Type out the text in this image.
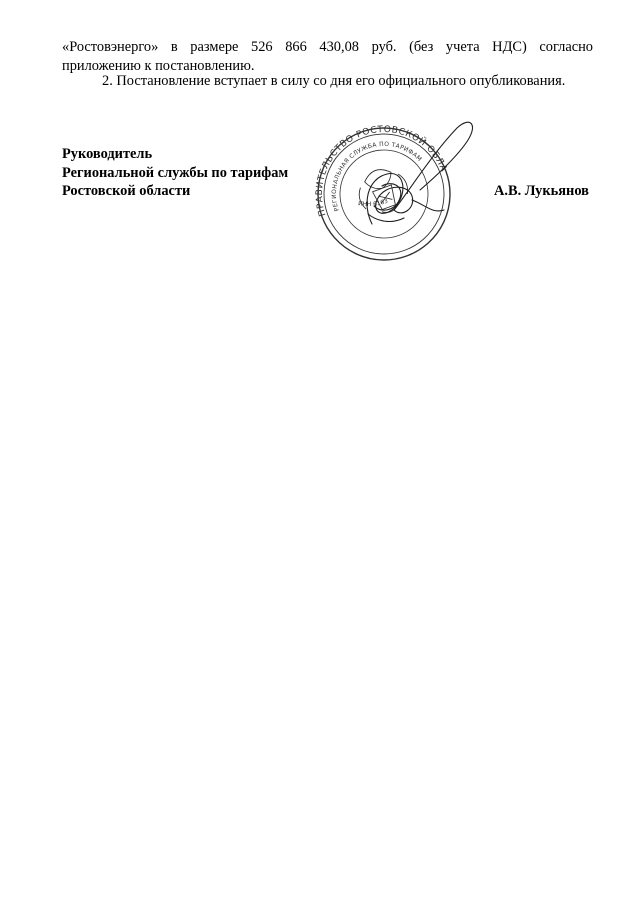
«Ростовэнерго» в размере 526 866 430,08 руб. (без учета НДС) согласно
приложению к постановлению.

2. Постановление вступает в силу со дня его официального опубликования.

Руководитель
Региональной службы по тарифам
Ростовской области	А.В. Лукьянов
ПРАВИТЕЛЬСТВО РОСТОВСКОЙ ОБЛАСТИ
РЕГИОНАЛЬНАЯ СЛУЖБА ПО ТАРИФАМ
ИНН 6163
